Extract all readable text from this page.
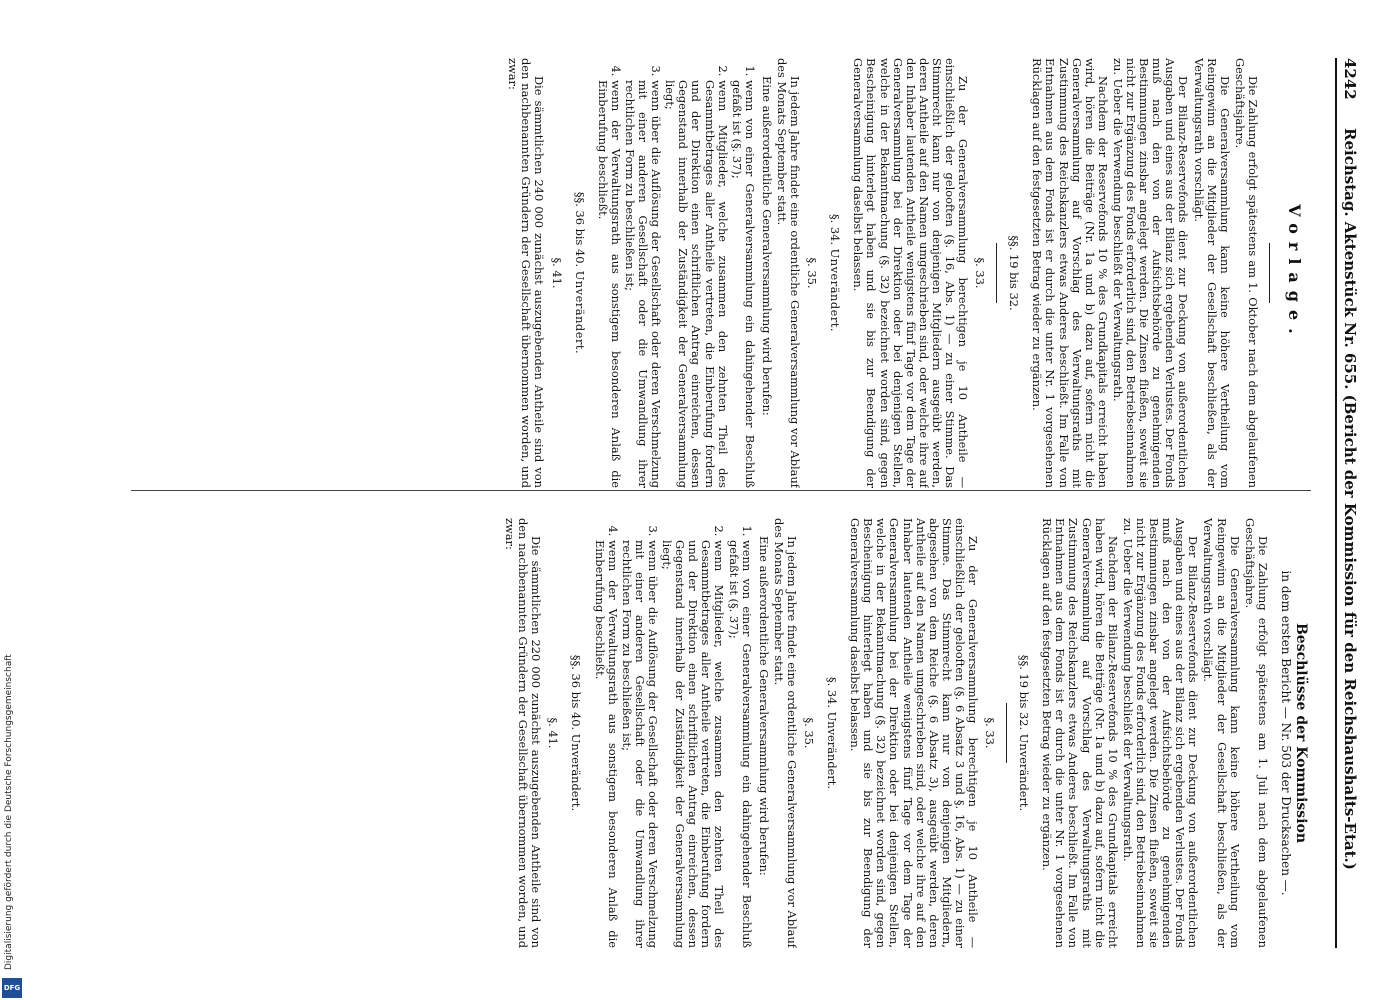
4242
Reichstag. Aktenstück Nr. 655. (Bericht der Kommission für den Reichshaushalts-Etat.)
Vorlage.

Die Zahlung erfolgt spätestens am 1. Oktober nach dem abgelaufenen Geschäftsjahre.

Die Generalversammlung kann keine höhere Vertheilung vom Reingewinn an die Mitglieder der Gesellschaft beschließen, als der Verwaltungsrath vorschlägt.

Der Bilanz-Reservefonds dient zur Deckung von außerordentlichen Ausgaben und eines aus der Bilanz sich ergebenden Verlustes. Der Fonds muß nach den von der Aufsichtsbehörde zu genehmigenden Bestimmungen zinsbar angelegt werden. Die Zinsen fließen, soweit sie nicht zur Ergänzung des Fonds erforderlich sind, den Betriebseinnahmen zu. Ueber die Verwendung beschließt der Verwaltungsrath.

Nachdem der Reservefonds 10 % des Grundkapitals erreicht haben wird, hören die Beiträge (Nr. 1a und b) dazu auf, sofern nicht die Generalversammlung auf Vorschlag des Verwaltungsraths mit Zustimmung des Reichskanzlers etwas Anderes beschließt. Im Falle von Entnahmen aus dem Fonds ist er durch die unter Nr. 1 vorgesehenen Rücklagen auf den festgesetzten Betrag wieder zu ergänzen.

§§. 19 bis 32.
§. 33.

Zu der Generalversammlung berechtigen je 10 Antheile — einschließlich der gelooften (§. 16, Abs. 1) — zu einer Stimme. Das Stimmrecht kann nur von denjenigen Mitgliedern ausgeübt werden, deren Antheile auf den Namen umgeschrieben sind, oder welche ihre auf den Inhaber lautenden Antheile wenigstens fünf Tage vor dem Tage der Generalversammlung bei der Direktion oder bei denjenigen Stellen, welche in der Bekanntmachung (§. 32) bezeichnet worden sind, gegen Bescheinigung hinterlegt haben und sie bis zur Beendigung der Generalversammlung daselbst belassen.

§. 34. Unverändert.
§. 35.

In jedem Jahre findet eine ordentliche Generalversammlung vor Ablauf des Monats September statt.

Eine außerordentliche Generalversammlung wird berufen:

1. wenn von einer Generalversammlung ein dahingehender Beschluß gefaßt ist (§. 37);
2. wenn Mitglieder, welche zusammen den zehnten Theil des Gesammtbetrages aller Antheile vertreten, die Einberufung fordern und der Direktion einen schriftlichen Antrag einreichen, dessen Gegenstand innerhalb der Zuständigkeit der Generalversammlung liegt;
3. wenn über die Auflösung der Gesellschaft oder deren Verschmelzung mit einer anderen Gesellschaft oder die Umwandlung ihrer rechtlichen Form zu beschließen ist;
4. wenn der Verwaltungsrath aus sonstigem besonderen Anlaß die Einberufung beschließt.
§§. 36 bis 40. Unverändert.
§. 41.

Die sämmtlichen 240 000 zunächst auszugebenden Antheile sind von den nachbenannten Gründern der Gesellschaft übernommen worden, und zwar:

Beschlüsse der Kommission
in dem ersten Bericht — Nr. 503 der Drucksachen —.

Die Zahlung erfolgt spätestens am 1. Juli nach dem abgelaufenen Geschäftsjahre.

Die Generalversammlung kann keine höhere Vertheilung vom Reingewinn an die Mitglieder der Gesellschaft beschließen, als der Verwaltungsrath vorschlägt.

Der Bilanz-Reservefonds dient zur Deckung von außerordentlichen Ausgaben und eines aus der Bilanz sich ergebenden Verlustes. Der Fonds muß nach den von der Aufsichtsbehörde zu genehmigenden Bestimmungen zinsbar angelegt werden. Die Zinsen fließen, soweit sie nicht zur Ergänzung des Fonds erforderlich sind, den Betriebseinnahmen zu. Ueber die Verwendung beschließt der Verwaltungsrath.

Nachdem der Bilanz-Reservefonds 10 % des Grundkapitals erreicht haben wird, hören die Beiträge (Nr. 1a und b) dazu auf, sofern nicht die Generalversammlung auf Vorschlag des Verwaltungsraths mit Zustimmung des Reichskanzlers etwas Anderes beschließt. Im Falle von Entnahmen aus dem Fonds ist er durch die unter Nr. 1 vorgesehenen Rücklagen auf den festgesetzten Betrag wieder zu ergänzen.

§§. 19 bis 32. Unverändert.
§. 33.

Zu der Generalversammlung berechtigen je 10 Antheile — einschließlich der gelooften (§. 6 Absatz 3 und §. 16, Abs. 1) — zu einer Stimme. Das Stimmrecht kann nur von denjenigen Mitgliedern, abgesehen von dem Reiche (§. 6 Absatz 3), ausgeübt werden, deren Antheile auf den Namen umgeschrieben sind, oder welche ihre auf den Inhaber lautenden Antheile wenigstens fünf Tage vor dem Tage der Generalversammlung bei der Direktion oder bei denjenigen Stellen, welche in der Bekanntmachung (§. 32) bezeichnet worden sind, gegen Bescheinigung hinterlegt haben und sie bis zur Beendigung der Generalversammlung daselbst belassen.

§. 34. Unverändert.
§. 35.

In jedem Jahre findet eine ordentliche Generalversammlung vor Ablauf des Monats September statt.

Eine außerordentliche Generalversammlung wird berufen:

1. wenn von einer Generalversammlung ein dahingehender Beschluß gefaßt ist (§. 37);
2. wenn Mitglieder, welche zusammen den zehnten Theil des Gesammtbetrages aller Antheile vertreten, die Einberufung fordern und der Direktion einen schriftlichen Antrag einreichen, dessen Gegenstand innerhalb der Zuständigkeit der Generalversammlung liegt;
3. wenn über die Auflösung der Gesellschaft oder deren Verschmelzung mit einer anderen Gesellschaft oder die Umwandlung ihrer rechtlichen Form zu beschließen ist;
4. wenn der Verwaltungsrath aus sonstigem besonderen Anlaß die Einberufung beschließt.
§§. 36 bis 40. Unverändert.
§. 41.

Die sämmtlichen 220 000 zunächst auszugebenden Antheile sind von den nachbenannten Gründern der Gesellschaft übernommen worden, und zwar:

Digitalisierung gefördert durch die Deutsche Forschungsgemeinschaft
DFG
